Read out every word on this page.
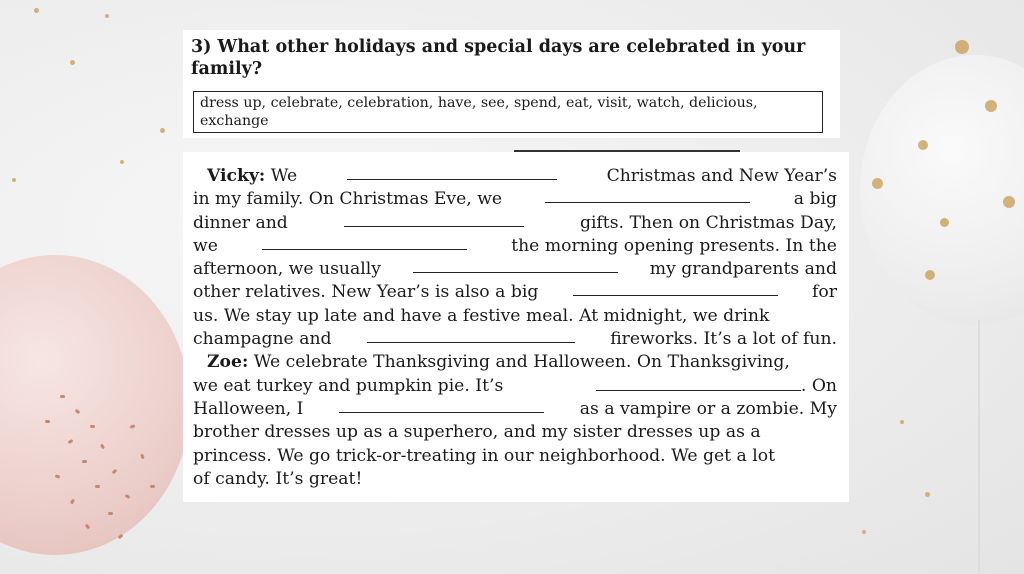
3) What other holidays and special days are celebrated in your family?
dress up, celebrate, celebration, have, see, spend, eat, visit, watch, delicious, exchange
Vicky: We	Christmas and New Year’s
in my family. On Christmas Eve, we	a big
dinner and	gifts. Then on Christmas Day,
we	the morning opening presents. In the
afternoon, we usually	my grandparents and
other relatives. New Year’s is also a big	for
us. We stay up late and have a festive meal. At midnight, we drink
champagne and	fireworks. It’s a lot of fun.
Zoe: We celebrate Thanksgiving and Halloween. On Thanksgiving,
we eat turkey and pumpkin pie. It’s	. On
Halloween, I	as a vampire or a zombie. My
brother dresses up as a superhero, and my sister dresses up as a
princess. We go trick-or-treating in our neighborhood. We get a lot
of candy. It’s great!
